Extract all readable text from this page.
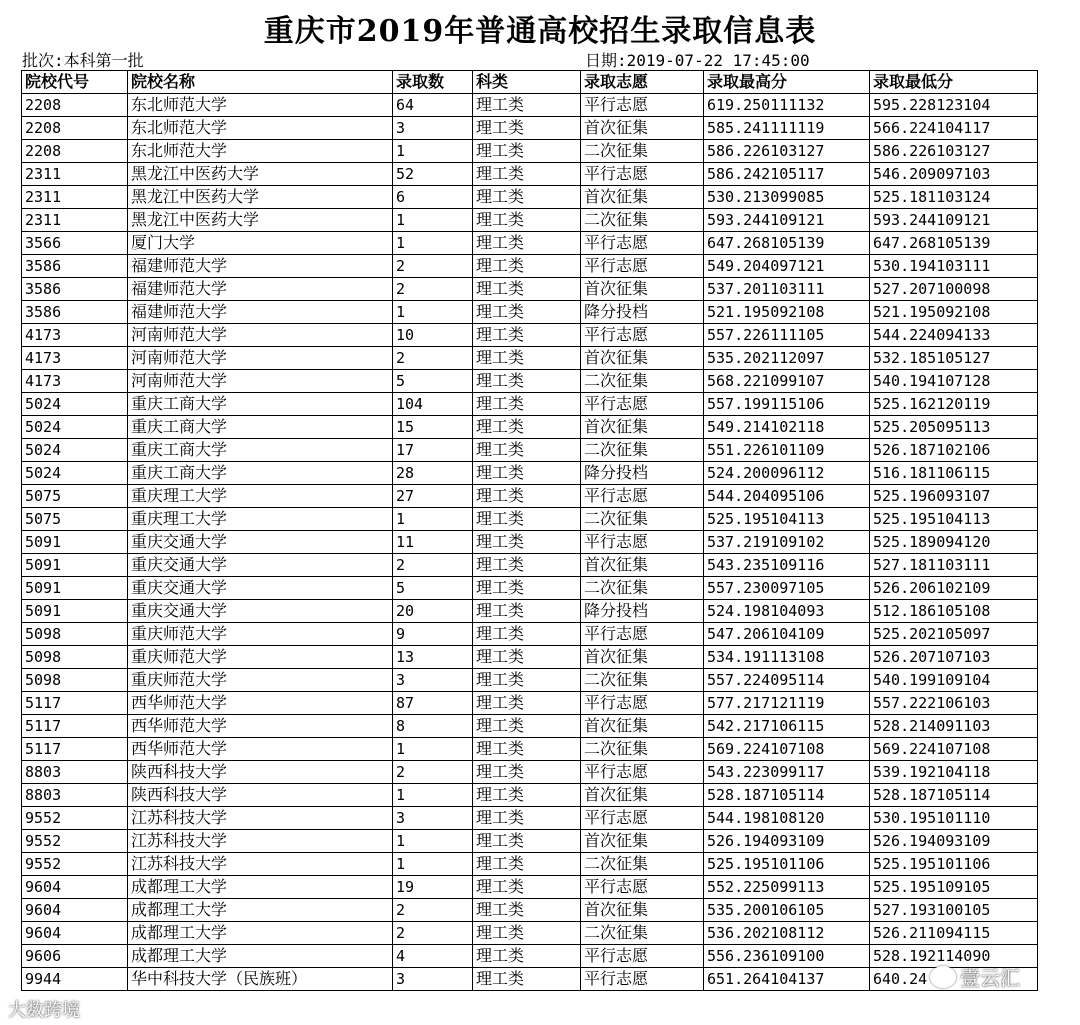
重庆市2019年普通高校招生录取信息表
批次:本科第一批	日期:2019-07-22 17:45:00
院校代号	院校名称	录取数	科类	录取志愿	录取最高分	录取最低分
2208	东北师范大学	64	理工类	平行志愿	619.250111132	595.228123104
2208	东北师范大学	3	理工类	首次征集	585.241111119	566.224104117
2208	东北师范大学	1	理工类	二次征集	586.226103127	586.226103127
2311	黑龙江中医药大学	52	理工类	平行志愿	586.242105117	546.209097103
2311	黑龙江中医药大学	6	理工类	首次征集	530.213099085	525.181103124
2311	黑龙江中医药大学	1	理工类	二次征集	593.244109121	593.244109121
3566	厦门大学	1	理工类	平行志愿	647.268105139	647.268105139
3586	福建师范大学	2	理工类	平行志愿	549.204097121	530.194103111
3586	福建师范大学	2	理工类	首次征集	537.201103111	527.207100098
3586	福建师范大学	1	理工类	降分投档	521.195092108	521.195092108
4173	河南师范大学	10	理工类	平行志愿	557.226111105	544.224094133
4173	河南师范大学	2	理工类	首次征集	535.202112097	532.185105127
4173	河南师范大学	5	理工类	二次征集	568.221099107	540.194107128
5024	重庆工商大学	104	理工类	平行志愿	557.199115106	525.162120119
5024	重庆工商大学	15	理工类	首次征集	549.214102118	525.205095113
5024	重庆工商大学	17	理工类	二次征集	551.226101109	526.187102106
5024	重庆工商大学	28	理工类	降分投档	524.200096112	516.181106115
5075	重庆理工大学	27	理工类	平行志愿	544.204095106	525.196093107
5075	重庆理工大学	1	理工类	二次征集	525.195104113	525.195104113
5091	重庆交通大学	11	理工类	平行志愿	537.219109102	525.189094120
5091	重庆交通大学	2	理工类	首次征集	543.235109116	527.181103111
5091	重庆交通大学	5	理工类	二次征集	557.230097105	526.206102109
5091	重庆交通大学	20	理工类	降分投档	524.198104093	512.186105108
5098	重庆师范大学	9	理工类	平行志愿	547.206104109	525.202105097
5098	重庆师范大学	13	理工类	首次征集	534.191113108	526.207107103
5098	重庆师范大学	3	理工类	二次征集	557.224095114	540.199109104
5117	西华师范大学	87	理工类	平行志愿	577.217121119	557.222106103
5117	西华师范大学	8	理工类	首次征集	542.217106115	528.214091103
5117	西华师范大学	1	理工类	二次征集	569.224107108	569.224107108
8803	陕西科技大学	2	理工类	平行志愿	543.223099117	539.192104118
8803	陕西科技大学	1	理工类	首次征集	528.187105114	528.187105114
9552	江苏科技大学	3	理工类	平行志愿	544.198108120	530.195101110
9552	江苏科技大学	1	理工类	首次征集	526.194093109	526.194093109
9552	江苏科技大学	1	理工类	二次征集	525.195101106	525.195101106
9604	成都理工大学	19	理工类	平行志愿	552.225099113	525.195109105
9604	成都理工大学	2	理工类	首次征集	535.200106105	527.193100105
9604	成都理工大学	2	理工类	二次征集	536.202108112	526.211094115
9606	成都理工大学	4	理工类	平行志愿	556.236109100	528.192114090
9944	华中科技大学（民族班）	3	理工类	平行志愿	651.264104137	640.24
大数跨境
壹云汇
